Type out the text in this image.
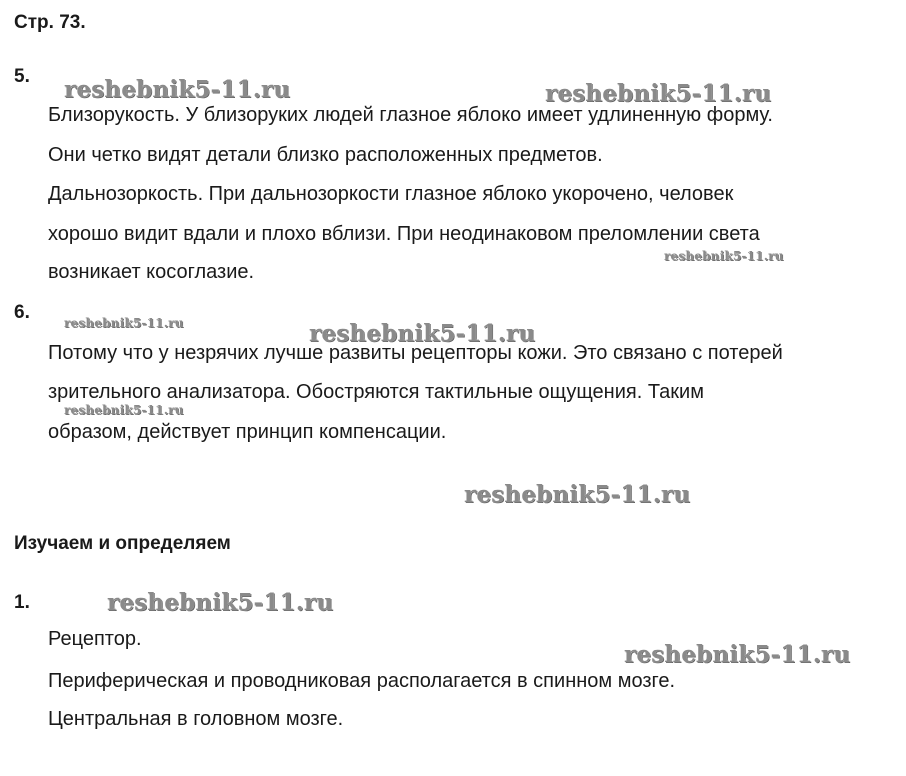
Стр. 73.
5.
Близорукость. У близоруких людей глазное яблоко имеет удлиненную форму.
Они четко видят детали близко расположенных предметов.
Дальнозоркость. При дальнозоркости глазное яблоко укорочено, человек
хорошо видит вдали и плохо вблизи. При неодинаковом преломлении света
возникает косоглазие.
6.
Потому что у незрячих лучше развиты рецепторы кожи. Это связано с потерей
зрительного анализатора. Обостряются тактильные ощущения. Таким
образом, действует принцип компенсации.
Изучаем и определяем
1.
Рецептор.
Периферическая и проводниковая располагается в спинном мозге.
Центральная в головном мозге.
reshebnik5-11.ru	reshebnik5-11.ru
reshebnik5-11.ru
reshebnik5-11.ru	reshebnik5-11.ru
reshebnik5-11.ru
reshebnik5-11.ru
reshebnik5-11.ru
reshebnik5-11.ru
